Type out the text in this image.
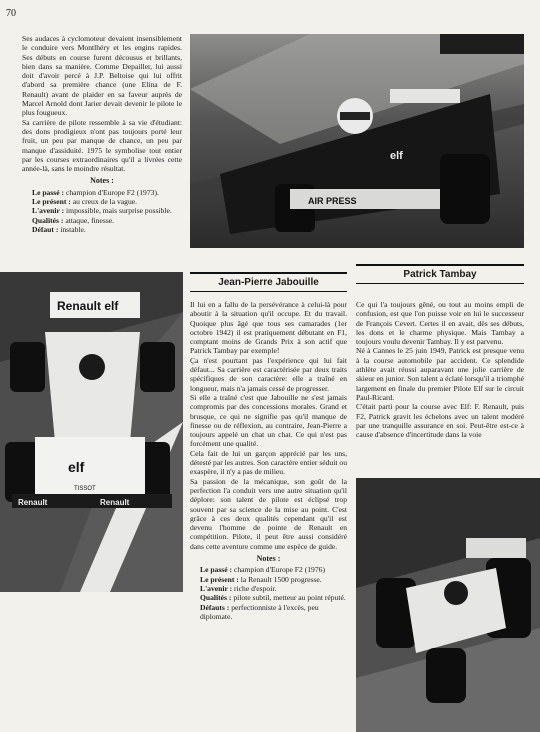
70

Ses audaces à cyclomoteur devaient insensiblement le conduire vers Montlhéry et les engins rapides. Ses débuts en course furent décousus et brillants, bien dans sa manière. Comme Depailler, lui aussi doit d'avoir percé à J.P. Beltoise qui lui offrit d'abord sa première chance (une Elina de F. Renault) avant de plaider en sa faveur auprès de Marcel Arnold dont Jarier devait devenir le pilote le plus fougueux.

Sa carrière de pilote ressemble à sa vie d'étudiant: des dons prodigieux n'ont pas toujours porté leur fruit, un peu par manque de chance, un peu par manque d'assiduité. 1975 le symbolise tout entier par les courses extraordinaires qu'il a livrées cette année-là, sans le moindre résultat.

Notes :

Le passé : champion d'Europe F2 (1973).

Le présent : au creux de la vague.

L'avenir : impossible, mais surprise possible.

Qualités : attaque, finesse.

Défaut : instable.

AIR PRESS
elf
Renault elf
elf
Renault	Renault
TISSOT
Jean-Pierre Jabouille

Il lui en a fallu de la persévérance à celui-là pour aboutir à la situation qu'il occupe. Et du travail. Quoique plus âgé que tous ses camarades (1er octobre 1942) il est pratiquement débutant en F1, comptant moins de Grands Prix à son actif que Patrick Tambay par exemple!

Ça n'est pourtant pas l'expérience qui lui fait défaut... Sa carrière est caractérisée par deux traits spécifiques de son caractère: elle a traîné en longueur, mais n'a jamais cessé de progresser.

Si elle a traîné c'est que Jabouille ne s'est jamais compromis par des concessions morales. Grand et brusque, ce qui ne signifie pas qu'il manque de finesse ou de réflexion, au contraire, Jean-Pierre a toujours appelé un chat un chat. Ce qui n'est pas forcément une qualité.

Cela fait de lui un garçon apprécié par les uns, détesté par les autres. Son caractère entier séduit ou exaspère, il n'y a pas de milieu.

Sa passion de la mécanique, son goût de la perfection l'a conduit vers une autre situation qu'il déplore: son talent de pilote est éclipsé trop souvent par sa science de la mise au point. C'est grâce à ces deux qualités cependant qu'il est devenu l'homme de pointe de Renault en compétition. Pilote, il peut être aussi considéré dans cette aventure comme une espèce de guide.

Notes :

Le passé : champion d'Europe F2 (1976)

Le présent : la Renault 1500 progresse.

L'avenir : riche d'espoir.

Qualités : pilote subtil, metteur au point réputé.

Défauts : perfectionniste à l'excès, peu diplomate.

Patrick Tambay

Ce qui l'a toujours gêné, ou tout au moins empli de confusion, est que l'on puisse voir en lui le successeur de François Cevert. Certes il en avait, dès ses débuts, les dons et le charme physique. Mais Tambay a toujours voulu devenir Tambay. Il y est parvenu.

Né à Cannes le 25 juin 1949, Patrick est presque venu à la course automobile par accident. Ce splendide athlète avait réussi auparavant une jolie carrière de skieur en junior. Son talent a éclaté lorsqu'il a triomphé largement en finale du premier Pilote Elf sur le circuit Paul-Ricard.

C'était parti pour la course avec Elf: F. Renault, puis F2, Patrick gravit les échelons avec un talent modéré par une tranquille assurance en soi. Peut-être est-ce à cause d'absence d'incertitude dans la voie
